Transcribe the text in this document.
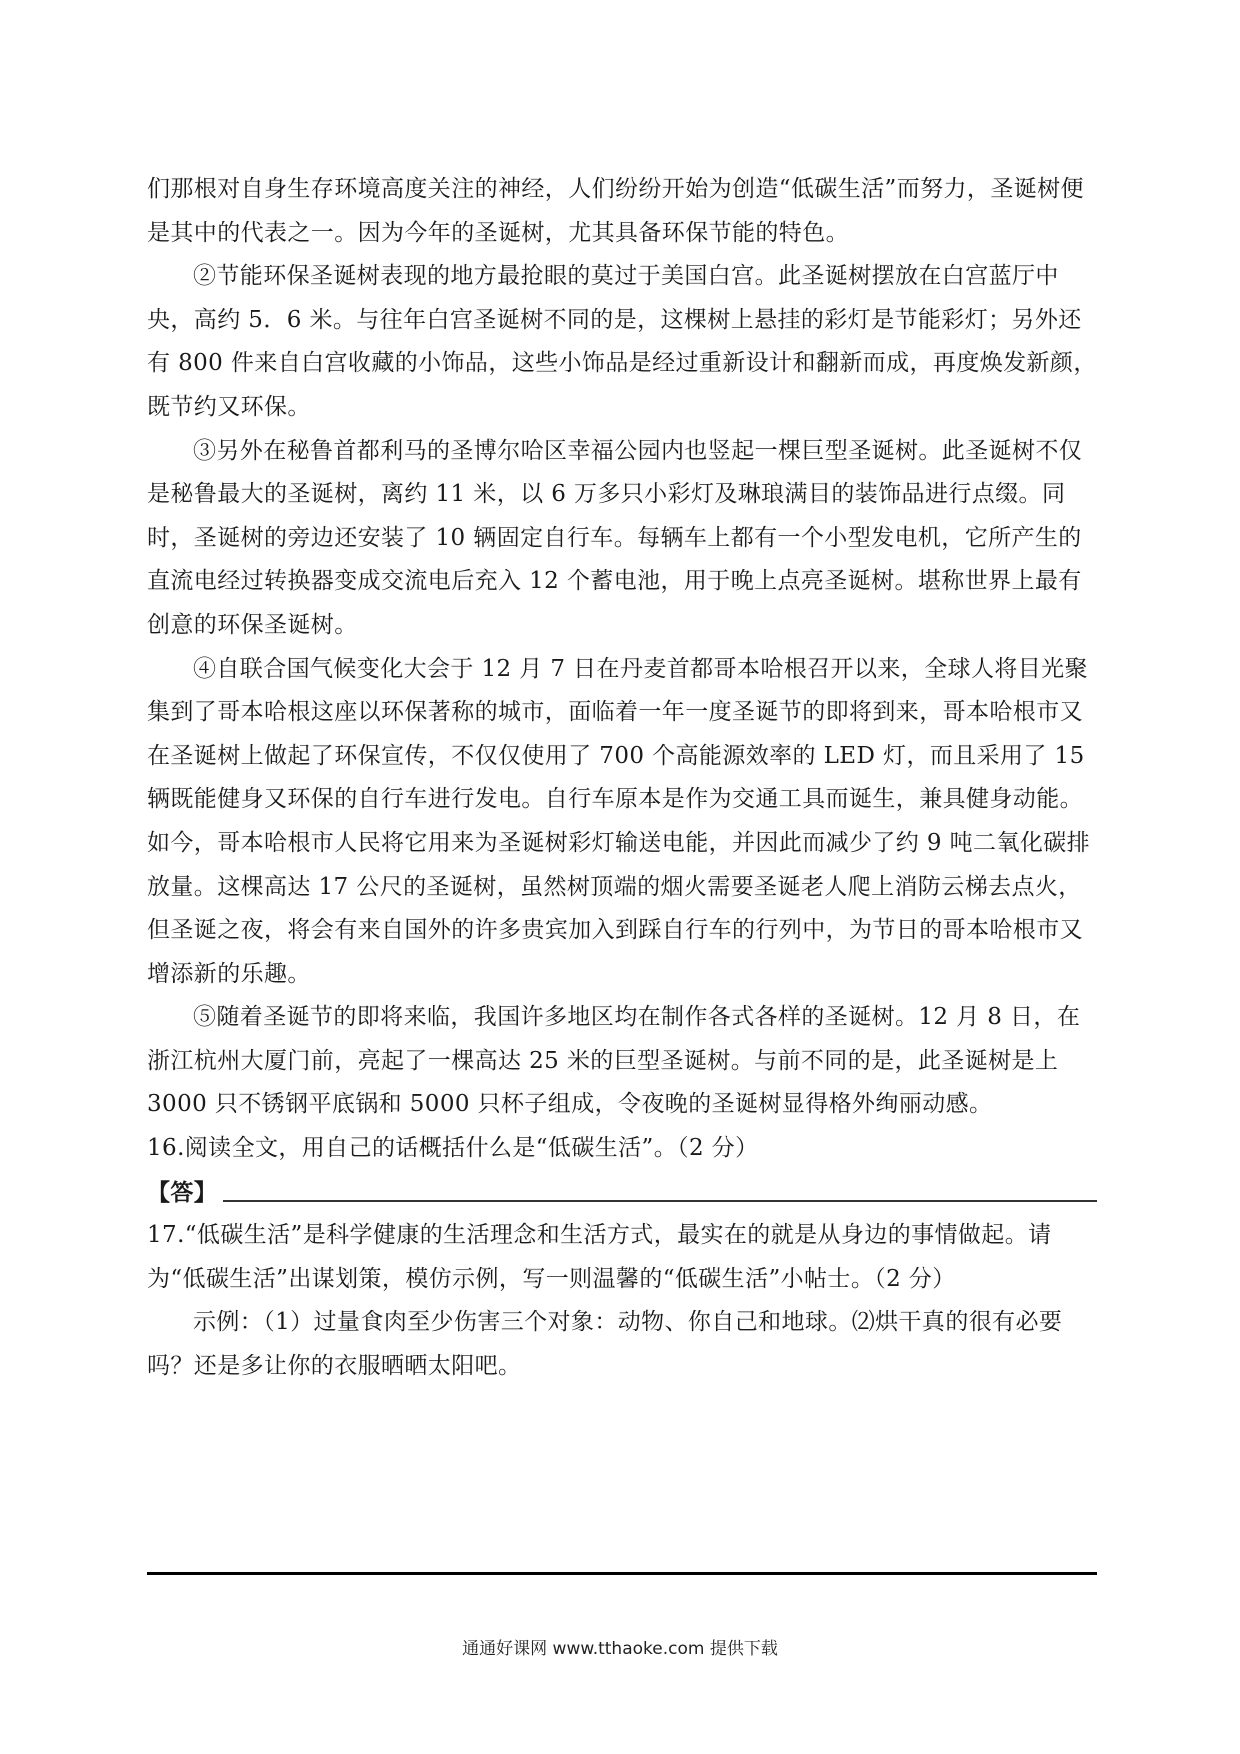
们那根对自身生存环境高度关注的神经，人们纷纷开始为创造“低碳生活”而努力，圣诞树便是其中的代表之一。因为今年的圣诞树，尤其具备环保节能的特色。

②节能环保圣诞树表现的地方最抢眼的莫过于美国白宫。此圣诞树摆放在白宫蓝厅中央，高约 5．6 米。与往年白宫圣诞树不同的是，这棵树上悬挂的彩灯是节能彩灯；另外还有 800 件来自白宫收藏的小饰品，这些小饰品是经过重新设计和翻新而成，再度焕发新颜，既节约又环保。

③另外在秘鲁首都利马的圣博尔哈区幸福公园内也竖起一棵巨型圣诞树。此圣诞树不仅是秘鲁最大的圣诞树，离约 11 米，以 6 万多只小彩灯及琳琅满目的装饰品进行点缀。同时，圣诞树的旁边还安装了 10 辆固定自行车。每辆车上都有一个小型发电机，它所产生的直流电经过转换器变成交流电后充入 12 个蓄电池，用于晚上点亮圣诞树。堪称世界上最有创意的环保圣诞树。

④自联合国气候变化大会于 12 月 7 日在丹麦首都哥本哈根召开以来，全球人将目光聚集到了哥本哈根这座以环保著称的城市，面临着一年一度圣诞节的即将到来，哥本哈根市又在圣诞树上做起了环保宣传，不仅仅使用了 700 个高能源效率的 LED 灯，而且采用了 15 辆既能健身又环保的自行车进行发电。自行车原本是作为交通工具而诞生，兼具健身动能。如今，哥本哈根市人民将它用来为圣诞树彩灯输送电能，并因此而减少了约 9 吨二氧化碳排放量。这棵高达 17 公尺的圣诞树，虽然树顶端的烟火需要圣诞老人爬上消防云梯去点火，但圣诞之夜，将会有来自国外的许多贵宾加入到踩自行车的行列中，为节日的哥本哈根市又增添新的乐趣。

⑤随着圣诞节的即将来临，我国许多地区均在制作各式各样的圣诞树。12 月 8 日，在浙江杭州大厦门前，亮起了一棵高达 25 米的巨型圣诞树。与前不同的是，此圣诞树是上 3000 只不锈钢平底锅和 5000 只杯子组成，令夜晚的圣诞树显得格外绚丽动感。

16.阅读全文，用自己的话概括什么是“低碳生活”。（2 分）

【答】

17.“低碳生活”是科学健康的生活理念和生活方式，最实在的就是从身边的事情做起。请为“低碳生活”出谋划策，模仿示例，写一则温馨的“低碳生活”小帖士。（2 分）

示例：（1）过量食肉至少伤害三个对象：动物、你自己和地球。⑵烘干真的很有必要吗？还是多让你的衣服晒晒太阳吧。

通通好课网 www.tthaoke.com 提供下载
